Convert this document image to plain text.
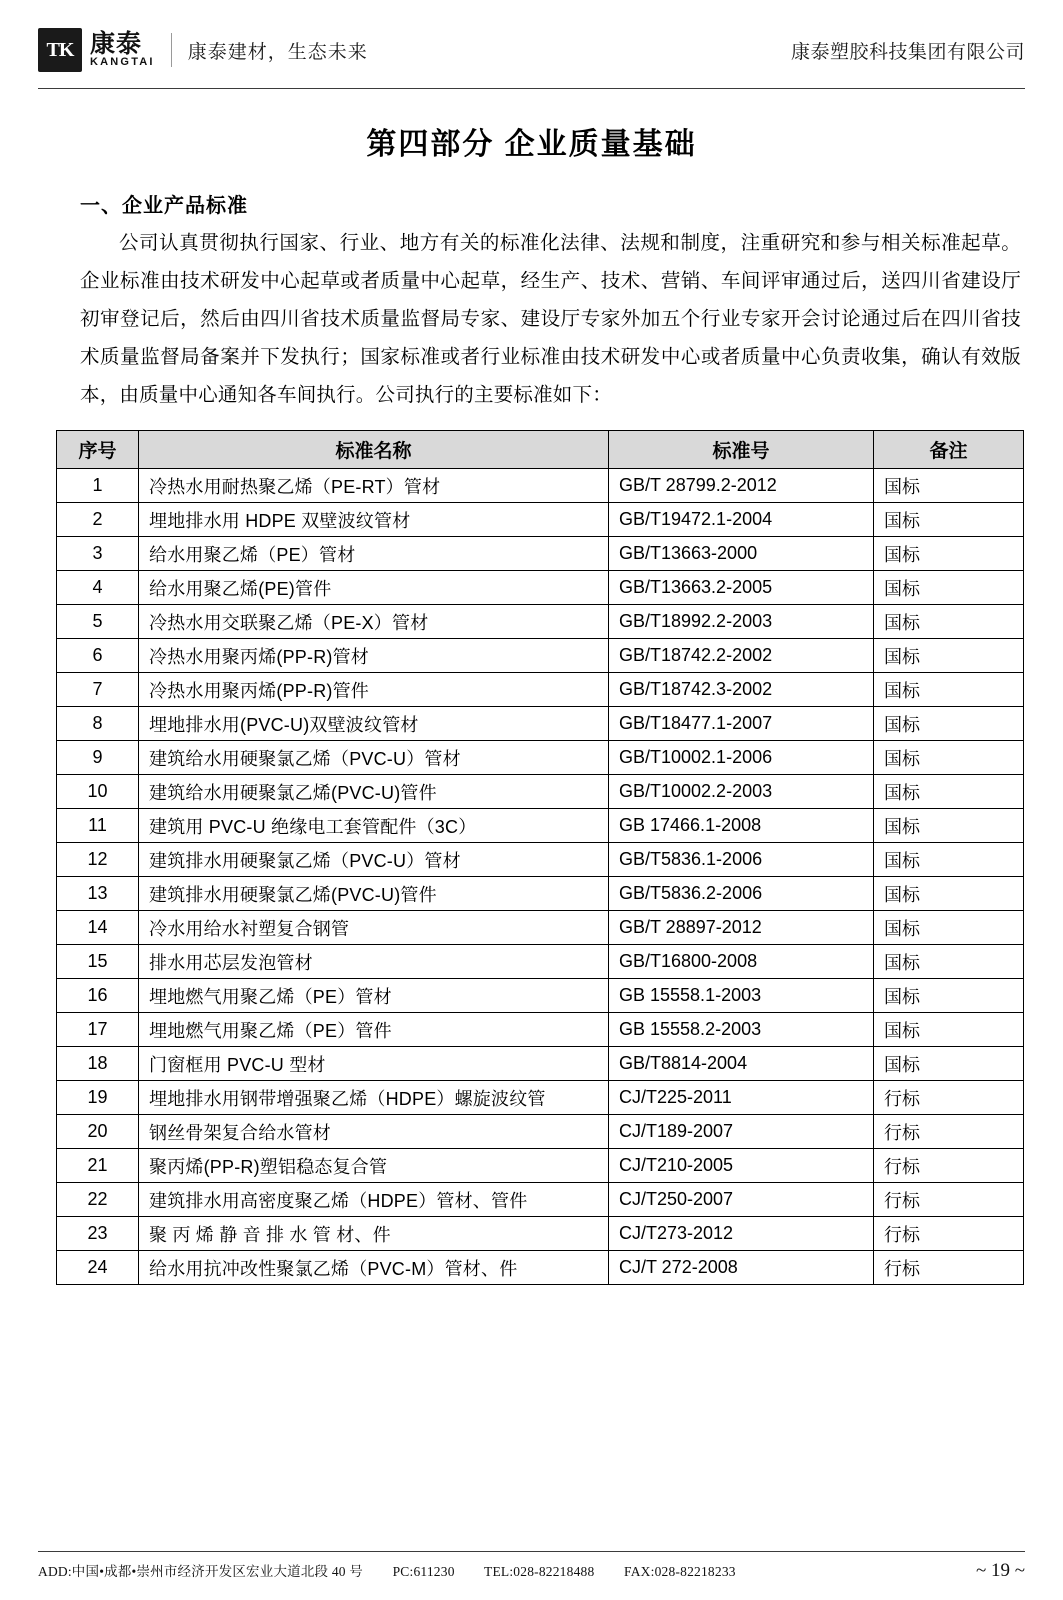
TK 康泰
KANGTAI 康泰建材，生态未来	康泰塑胶科技集团有限公司
第四部分 企业质量基础
一、企业产品标准
公司认真贯彻执行国家、行业、地方有关的标准化法律、法规和制度，注重研究和参与相关标准起草。企业标准由技术研发中心起草或者质量中心起草，经生产、技术、营销、车间评审通过后，送四川省建设厅初审登记后，然后由四川省技术质量监督局专家、建设厅专家外加五个行业专家开会讨论通过后在四川省技术质量监督局备案并下发执行；国家标准或者行业标准由技术研发中心或者质量中心负责收集，确认有效版本，由质量中心通知各车间执行。公司执行的主要标准如下：
序号	标准名称	标准号	备注
1	冷热水用耐热聚乙烯（PE-RT）管材	GB/T 28799.2-2012	国标
2	埋地排水用 HDPE 双壁波纹管材	GB/T19472.1-2004	国标
3	给水用聚乙烯（PE）管材	GB/T13663-2000	国标
4	给水用聚乙烯(PE)管件	GB/T13663.2-2005	国标
5	冷热水用交联聚乙烯（PE-X）管材	GB/T18992.2-2003	国标
6	冷热水用聚丙烯(PP-R)管材	GB/T18742.2-2002	国标
7	冷热水用聚丙烯(PP-R)管件	GB/T18742.3-2002	国标
8	埋地排水用(PVC-U)双壁波纹管材	GB/T18477.1-2007	国标
9	建筑给水用硬聚氯乙烯（PVC-U）管材	GB/T10002.1-2006	国标
10	建筑给水用硬聚氯乙烯(PVC-U)管件	GB/T10002.2-2003	国标
11	建筑用 PVC-U 绝缘电工套管配件（3C）	GB 17466.1-2008	国标
12	建筑排水用硬聚氯乙烯（PVC-U）管材	GB/T5836.1-2006	国标
13	建筑排水用硬聚氯乙烯(PVC-U)管件	GB/T5836.2-2006	国标
14	冷水用给水衬塑复合钢管	GB/T 28897-2012	国标
15	排水用芯层发泡管材	GB/T16800-2008	国标
16	埋地燃气用聚乙烯（PE）管材	GB 15558.1-2003	国标
17	埋地燃气用聚乙烯（PE）管件	GB 15558.2-2003	国标
18	门窗框用 PVC-U 型材	GB/T8814-2004	国标
19	埋地排水用钢带增强聚乙烯（HDPE）螺旋波纹管	CJ/T225-2011	行标
20	钢丝骨架复合给水管材	CJ/T189-2007	行标
21	聚丙烯(PP-R)塑铝稳态复合管	CJ/T210-2005	行标
22	建筑排水用高密度聚乙烯（HDPE）管材、管件	CJ/T250-2007	行标
23	聚 丙 烯 静 音 排 水 管 材、件	CJ/T273-2012	行标
24	给水用抗冲改性聚氯乙烯（PVC-M）管材、件	CJ/T 272-2008	行标
ADD:中国•成都•崇州市经济开发区宏业大道北段 40 号 PC:611230 TEL:028-82218488 FAX:028-82218233	~ 19 ~
